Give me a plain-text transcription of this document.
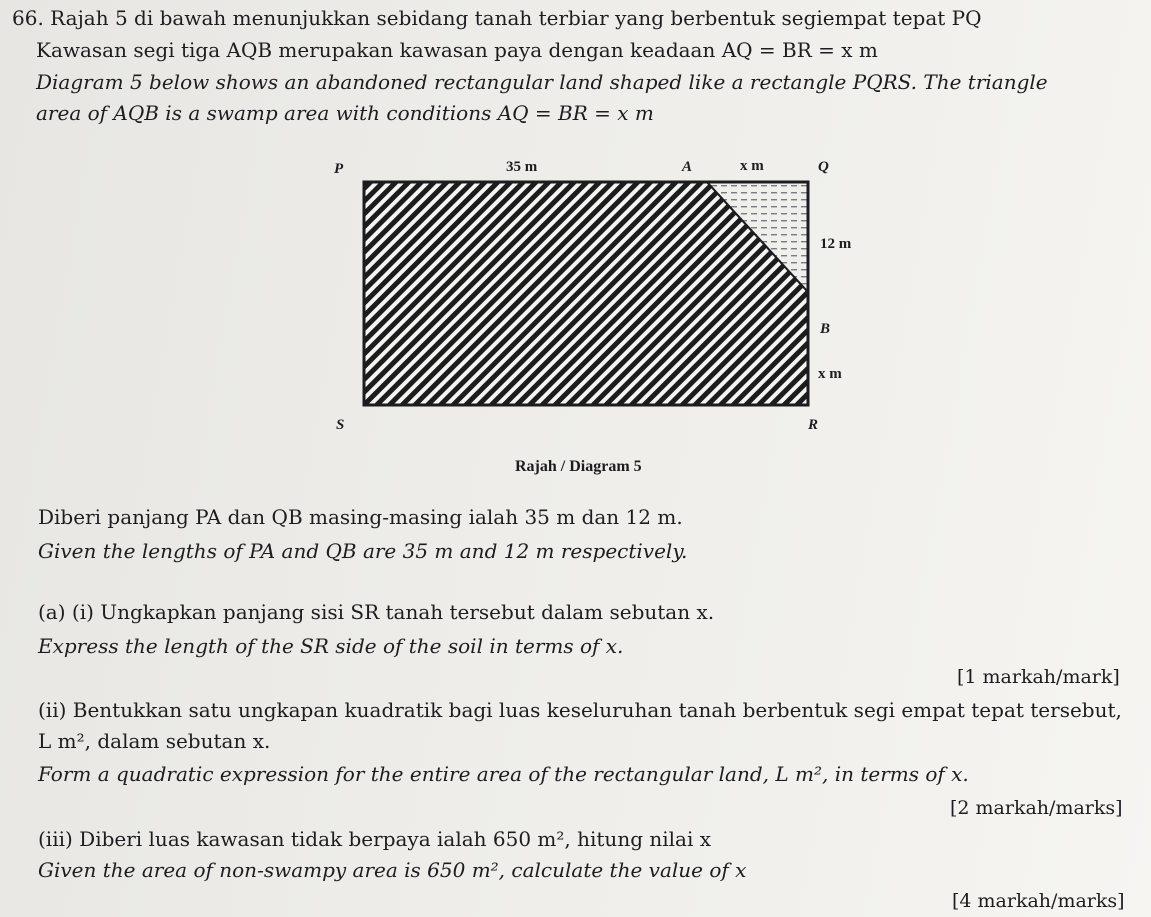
66. Rajah 5 di bawah menunjukkan sebidang tanah terbiar yang berbentuk segiempat tepat PQ
Kawasan segi tiga AQB merupakan kawasan paya dengan keadaan AQ = BR = x m
Diagram 5 below shows an abandoned rectangular land shaped like a rectangle PQRS. The triangle
area of AQB is a swamp area with conditions AQ = BR = x m
P	35 m	A	x m	Q
12 m
B
x m
S	R
Rajah / Diagram 5
Diberi panjang PA dan QB masing-masing ialah 35 m dan 12 m.
Given the lengths of PA and QB are 35 m and 12 m respectively.
(a) (i) Ungkapkan panjang sisi SR tanah tersebut dalam sebutan x.
Express the length of the SR side of the soil in terms of x.
[1 markah/mark]
(ii) Bentukkan satu ungkapan kuadratik bagi luas keseluruhan tanah berbentuk segi empat tepat tersebut,
L m², dalam sebutan x.
Form a quadratic expression for the entire area of the rectangular land, L m², in terms of x.
[2 markah/marks]
(iii) Diberi luas kawasan tidak berpaya ialah 650 m², hitung nilai x
Given the area of non-swampy area is 650 m², calculate the value of x
[4 markah/marks]
